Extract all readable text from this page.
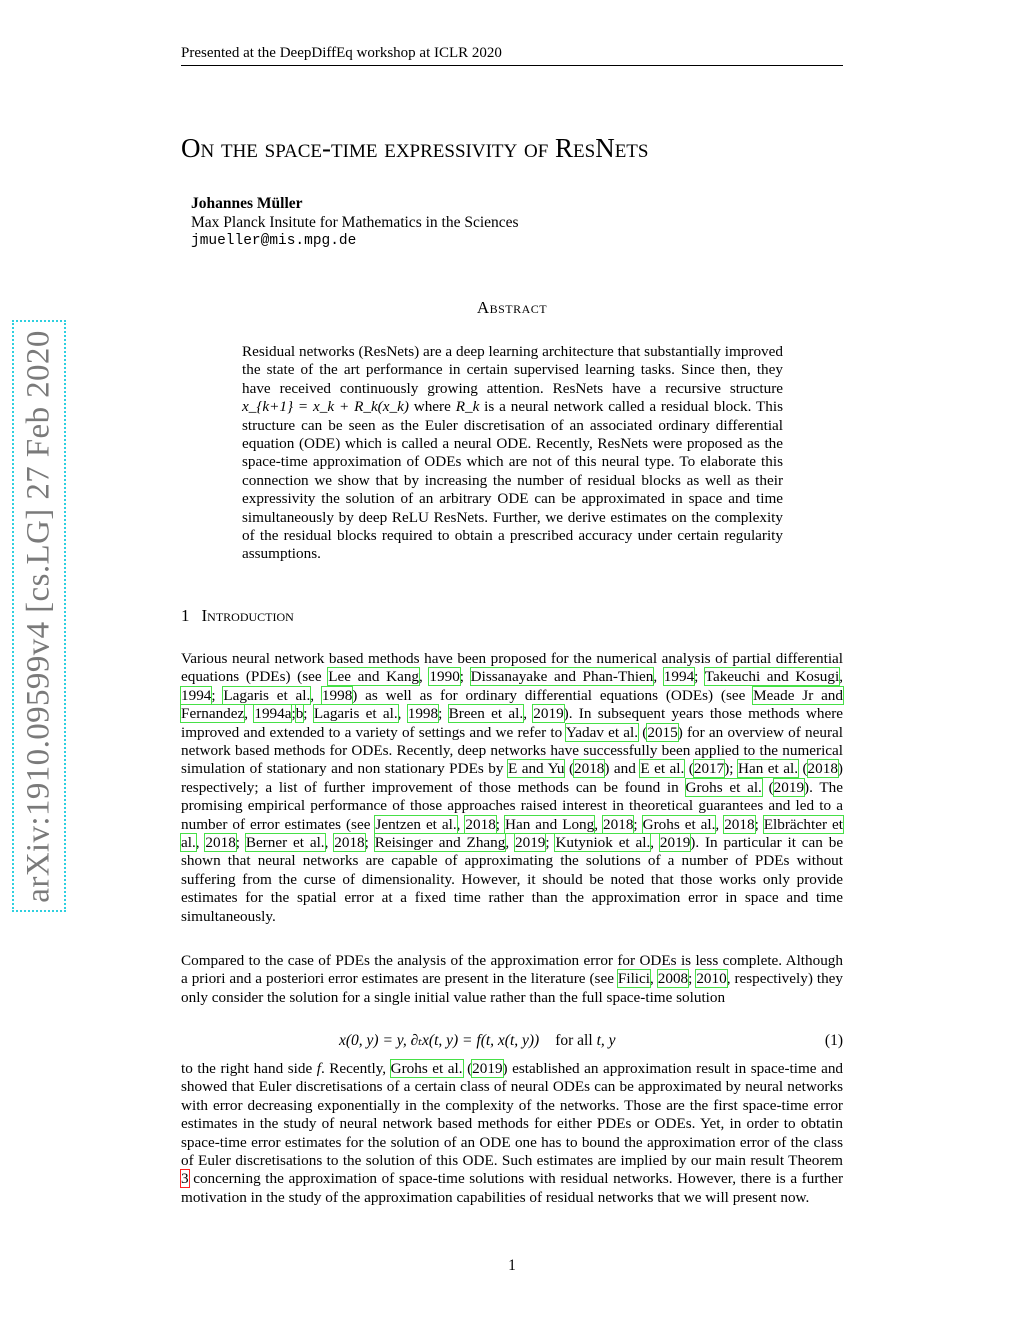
Presented at the DeepDiffEq workshop at ICLR 2020
arXiv:1910.09599v4 [cs.LG] 27 Feb 2020
On the space-time expressivity of ResNets
Johannes Müller
Max Planck Insitute for Mathematics in the Sciences
jmueller@mis.mpg.de
Abstract
Residual networks (ResNets) are a deep learning architecture that substantially improved the state of the art performance in certain supervised learning tasks. Since then, they have received continuously growing attention. ResNets have a recursive structure x_{k+1} = x_k + R_k(x_k) where R_k is a neural network called a residual block. This structure can be seen as the Euler discretisation of an associated ordinary differential equation (ODE) which is called a neural ODE. Recently, ResNets were proposed as the space-time approximation of ODEs which are not of this neural type. To elaborate this connection we show that by increasing the number of residual blocks as well as their expressivity the solution of an arbitrary ODE can be approximated in space and time simultaneously by deep ReLU ResNets. Further, we derive estimates on the complexity of the residual blocks required to obtain a prescribed accuracy under certain regularity assumptions.
1 Introduction
Various neural network based methods have been proposed for the numerical analysis of partial differential equations (PDEs) (see Lee and Kang, 1990; Dissanayake and Phan-Thien, 1994; Takeuchi and Kosugi, 1994; Lagaris et al., 1998) as well as for ordinary differential equations (ODEs) (see Meade Jr and Fernandez, 1994a;b; Lagaris et al., 1998; Breen et al., 2019). In subsequent years those methods where improved and extended to a variety of settings and we refer to Yadav et al. (2015) for an overview of neural network based methods for ODEs. Recently, deep networks have successfully been applied to the numerical simulation of stationary and non stationary PDEs by E and Yu (2018) and E et al. (2017); Han et al. (2018) respectively; a list of further improvement of those methods can be found in Grohs et al. (2019). The promising empirical performance of those approaches raised interest in theoretical guarantees and led to a number of error estimates (see Jentzen et al., 2018; Han and Long, 2018; Grohs et al., 2018; Elbrächter et al., 2018; Berner et al., 2018; Reisinger and Zhang, 2019; Kutyniok et al., 2019). In particular it can be shown that neural networks are capable of approximating the solutions of a number of PDEs without suffering from the curse of dimensionality. However, it should be noted that those works only provide estimates for the spatial error at a fixed time rather than the approximation error in space and time simultaneously.
Compared to the case of PDEs the analysis of the approximation error for ODEs is less complete. Although a priori and a posteriori error estimates are present in the literature (see Filici, 2008; 2010, respectively) they only consider the solution for a single initial value rather than the full space-time solution
x(0, y) = y, ∂ₜx(t, y) = f(t, x(t, y)) for all t, y	(1)
to the right hand side f. Recently, Grohs et al. (2019) established an approximation result in space-time and showed that Euler discretisations of a certain class of neural ODEs can be approximated by neural networks with error decreasing exponentially in the complexity of the networks. Those are the first space-time error estimates in the study of neural network based methods for either PDEs or ODEs. Yet, in order to obtatin space-time error estimates for the solution of an ODE one has to bound the approximation error of the class of Euler discretisations to the solution of this ODE. Such estimates are implied by our main result Theorem 3 concerning the approximation of space-time solutions with residual networks. However, there is a further motivation in the study of the approximation capabilities of residual networks that we will present now.
1
